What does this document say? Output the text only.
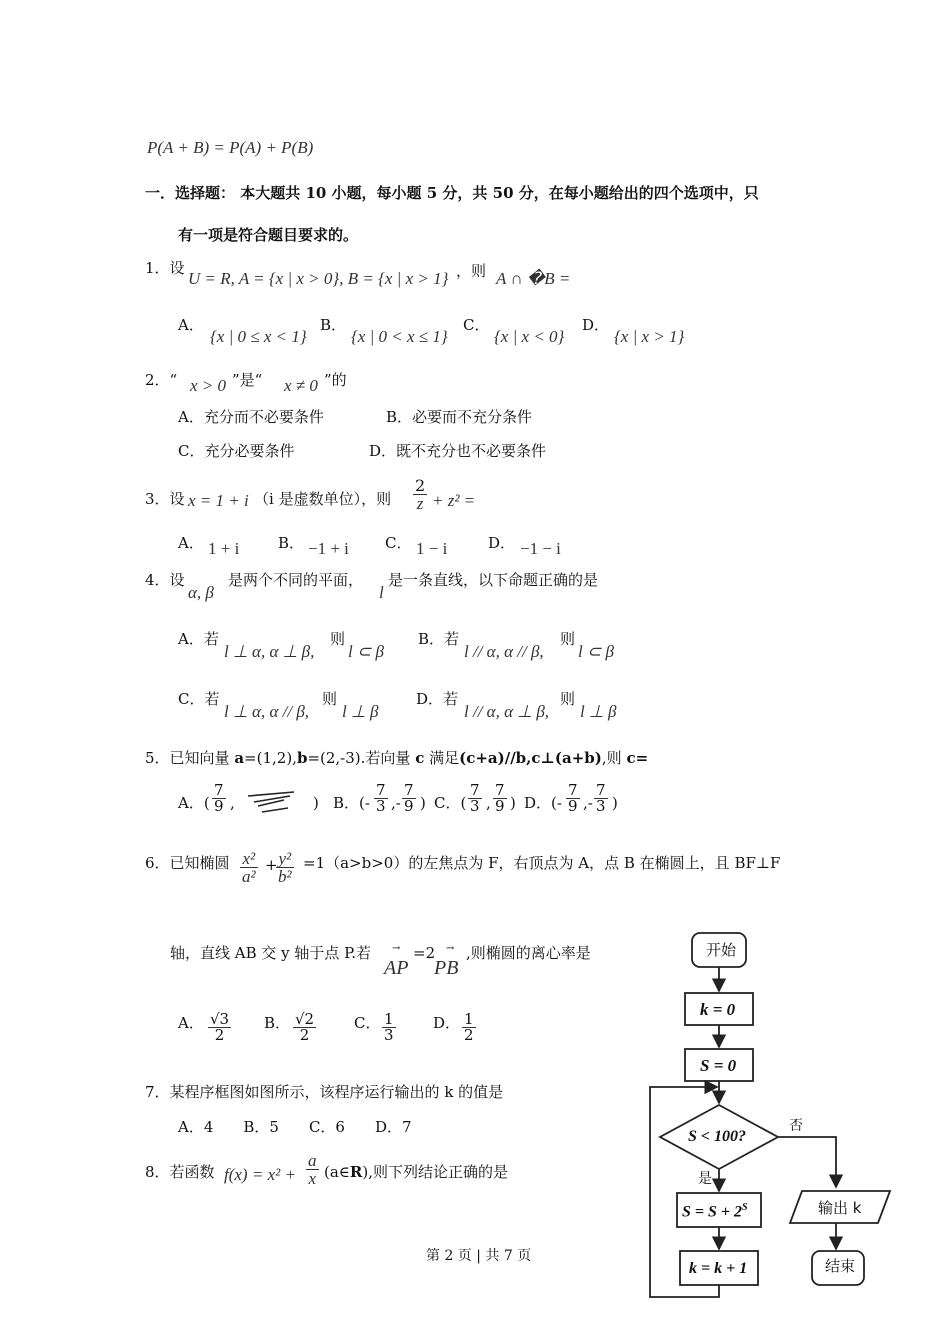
P(A + B) = P(A) + P(B)
一．选择题： 本大题共 10 小题，每小题 5 分，共 50 分，在每小题给出的四个选项中，只
有一项是符合题目要求的。
1．设
U = R, A = {x | x > 0}, B = {x | x > 1} ，则 A ∩ �B =
A．
{x | 0 ≤ x < 1}
B．
{x | 0 < x ≤ 1}
C．
{x | x < 0}
D．
{x | x > 1}
2．“ x > 0 ”是“ x ≠ 0 ”的
A．充分而不必要条件	B．必要而不充分条件
C．充分必要条件	D．既不充分也不必要条件
3．设 x = 1 + i （i 是虚数单位），则 $\frac{2}{z} + z^2$ =
A． 1 + i	B． −1 + i C． 1 − i	D． −1 − i
4．设
α, β
是两个不同的平面，
l
是一条直线，以下命题正确的是
A．若
l ⊥ α, α ⊥ β,
则
l ⊂ β
B．若
l // α, α // β,
则
l ⊂ β
C．若
l ⊥ α, α // β,
则
l ⊥ β
D．若
l // α, α ⊥ β,
则
l ⊥ β
5．已知向量 a=(1,2),b=(2,-3).若向量 c 满足(c+a)//b,c⊥(a+b),则 c=
A．( $\frac{7}{9}$ ,	) B．(- $\frac{7}{3}$ ,- $\frac{7}{9}$ ) C．( $\frac{7}{3}$ , $\frac{7}{9}$ ) D．(- $\frac{7}{9}$ ,- $\frac{7}{3}$ )
6．已知椭圆 $\frac{\text{x²}}{\text{a²}}$ +
$\frac{\text{y²}}{\text{b²}} =1(a>b>0)$的左焦点为 F，右顶点为 A，点 B 在椭圆上，且 BF⊥F
轴，直线 AB 交 y 轴于点 P.若
AP
→ =2
PB
→ ,则椭圆的离心率是
A． $\frac{√3}{2}$ B． $\frac{√2}{2}$	C． $\frac{1}{3}$ D． $\frac{1}{2}$
7．某程序框图如图所示，该程序运行输出的 k 的值是
A．4　　B．5　　C．6　　D．7
8．若函数 $f(x) = x^2 + \frac{a}{x}$ (a∈R),则下列结论正确的是
开始
k = 0
S = 0
S < 100?
否
是
$S = S + 2^S$
k = k + 1
输出 k
结束
第 2 页 | 共 7 页
